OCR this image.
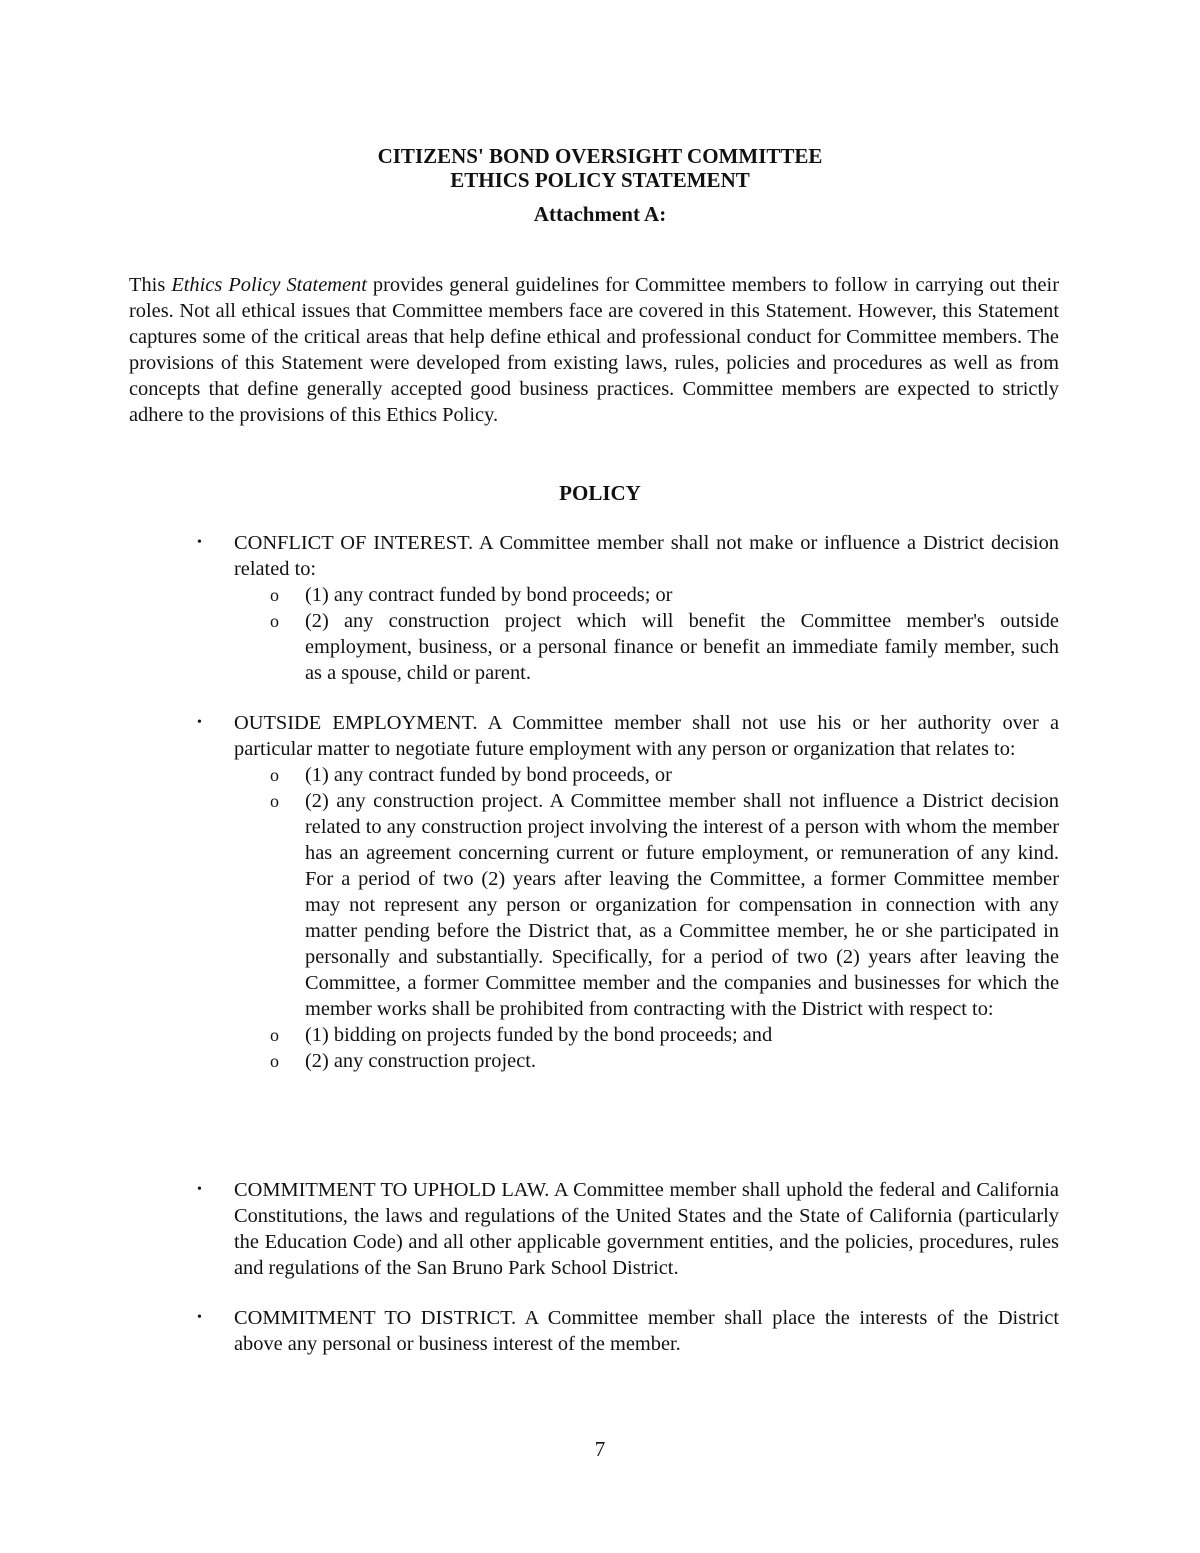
CITIZENS' BOND OVERSIGHT COMMITTEE
ETHICS POLICY STATEMENT
Attachment A:

This Ethics Policy Statement provides general guidelines for Committee members to follow in carrying out their roles. Not all ethical issues that Committee members face are covered in this Statement. However, this Statement captures some of the critical areas that help define ethical and professional conduct for Committee members. The provisions of this Statement were developed from existing laws, rules, policies and procedures as well as from concepts that define generally accepted good business practices. Committee members are expected to strictly adhere to the provisions of this Ethics Policy.

POLICY
• CONFLICT OF INTEREST. A Committee member shall not make or influence a District decision related to:
o (1) any contract funded by bond proceeds; or
o (2) any construction project which will benefit the Committee member's outside employment, business, or a personal finance or benefit an immediate family member, such as a spouse, child or parent.
• OUTSIDE EMPLOYMENT. A Committee member shall not use his or her authority over a particular matter to negotiate future employment with any person or organization that relates to:
o (1) any contract funded by bond proceeds, or
o (2) any construction project. A Committee member shall not influence a District decision related to any construction project involving the interest of a person with whom the member has an agreement concerning current or future employment, or remuneration of any kind. For a period of two (2) years after leaving the Committee, a former Committee member may not represent any person or organization for compensation in connection with any matter pending before the District that, as a Committee member, he or she participated in personally and substantially. Specifically, for a period of two (2) years after leaving the Committee, a former Committee member and the companies and businesses for which the member works shall be prohibited from contracting with the District with respect to:
o (1) bidding on projects funded by the bond proceeds; and
o (2) any construction project.
• COMMITMENT TO UPHOLD LAW. A Committee member shall uphold the federal and California Constitutions, the laws and regulations of the United States and the State of California (particularly the Education Code) and all other applicable government entities, and the policies, procedures, rules and regulations of the San Bruno Park School District.
• COMMITMENT TO DISTRICT. A Committee member shall place the interests of the District above any personal or business interest of the member.
7
